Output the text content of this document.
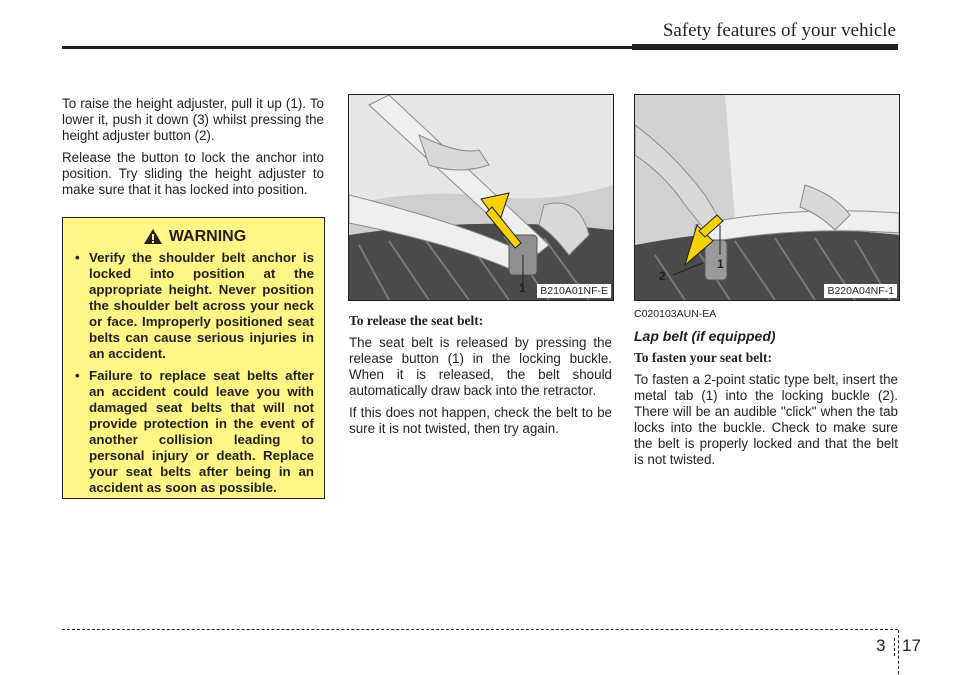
Safety features of your vehicle

To raise the height adjuster, pull it up (1). To lower it, push it down (3) whilst pressing the height adjuster button (2).

Release the button to lock the anchor into position. Try sliding the height adjuster to make sure that it has locked into position.

WARNING
• Verify the shoulder belt anchor is locked into position at the appropriate height. Never position the shoulder belt across your neck or face. Improperly positioned seat belts can cause serious injuries in an accident.
• Failure to replace seat belts after an accident could leave you with damaged seat belts that will not provide protection in the event of another collision leading to personal injury or death. Replace your seat belts after being in an accident as soon as possible.
1 B210A01NF-E
2
1
B220A04NF-1

To release the seat belt:

The seat belt is released by pressing the release button (1) in the locking buckle. When it is released, the belt should automatically draw back into the retractor.

If this does not happen, check the belt to be sure it is not twisted, then try again.

C020103AUN-EA

Lap belt (if equipped)

To fasten your seat belt:

To fasten a 2-point static type belt, insert the metal tab (1) into the locking buckle (2). There will be an audible "click" when the tab locks into the buckle. Check to make sure the belt is properly locked and that the belt is not twisted.

3 17
